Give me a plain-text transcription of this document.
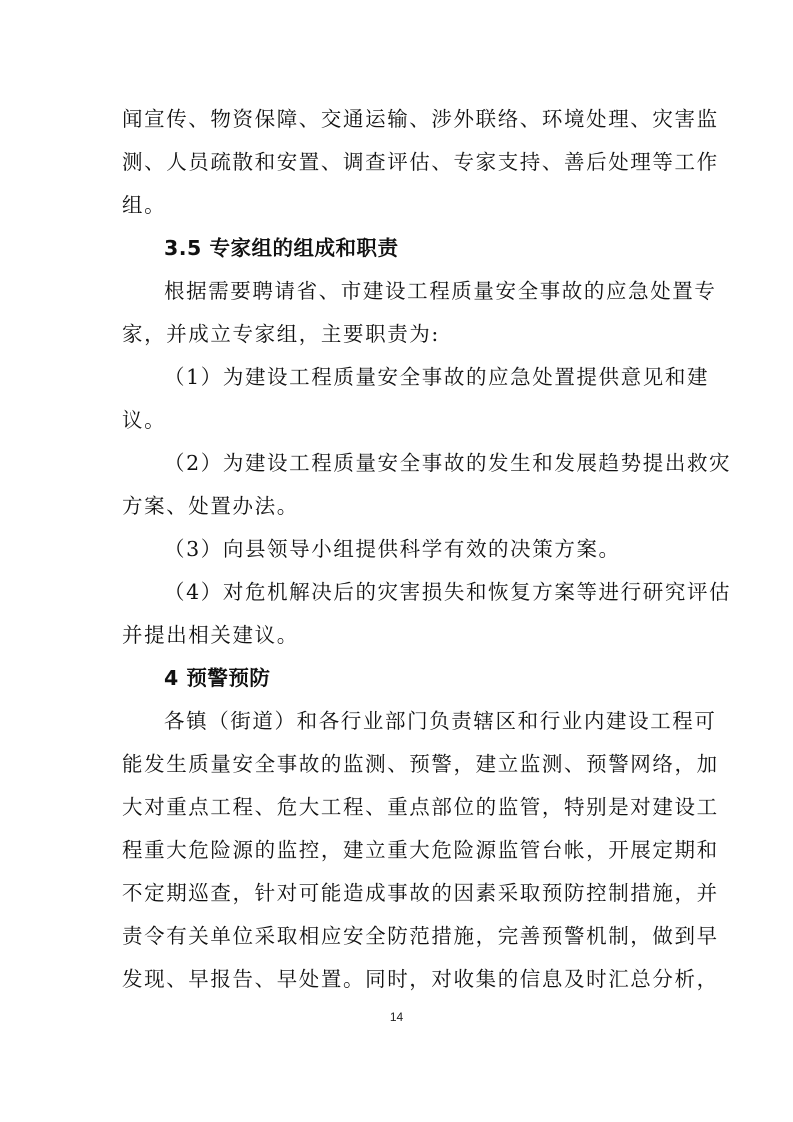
闻宣传、物资保障、交通运输、涉外联络、环境处理、灾害监
测、人员疏散和安置、调查评估、专家支持、善后处理等工作
组。
3.5 专家组的组成和职责
根据需要聘请省、市建设工程质量安全事故的应急处置专
家，并成立专家组，主要职责为:
（1）为建设工程质量安全事故的应急处置提供意见和建
议。
（2）为建设工程质量安全事故的发生和发展趋势提出救灾
方案、处置办法。
（3）向县领导小组提供科学有效的决策方案。
（4）对危机解决后的灾害损失和恢复方案等进行研究评估
并提出相关建议。
4 预警预防
各镇（街道）和各行业部门负责辖区和行业内建设工程可
能发生质量安全事故的监测、预警，建立监测、预警网络，加
大对重点工程、危大工程、重点部位的监管，特别是对建设工
程重大危险源的监控，建立重大危险源监管台帐，开展定期和
不定期巡查，针对可能造成事故的因素采取预防控制措施，并
责令有关单位采取相应安全防范措施，完善预警机制，做到早
发现、早报告、早处置。同时，对收集的信息及时汇总分析，
14
